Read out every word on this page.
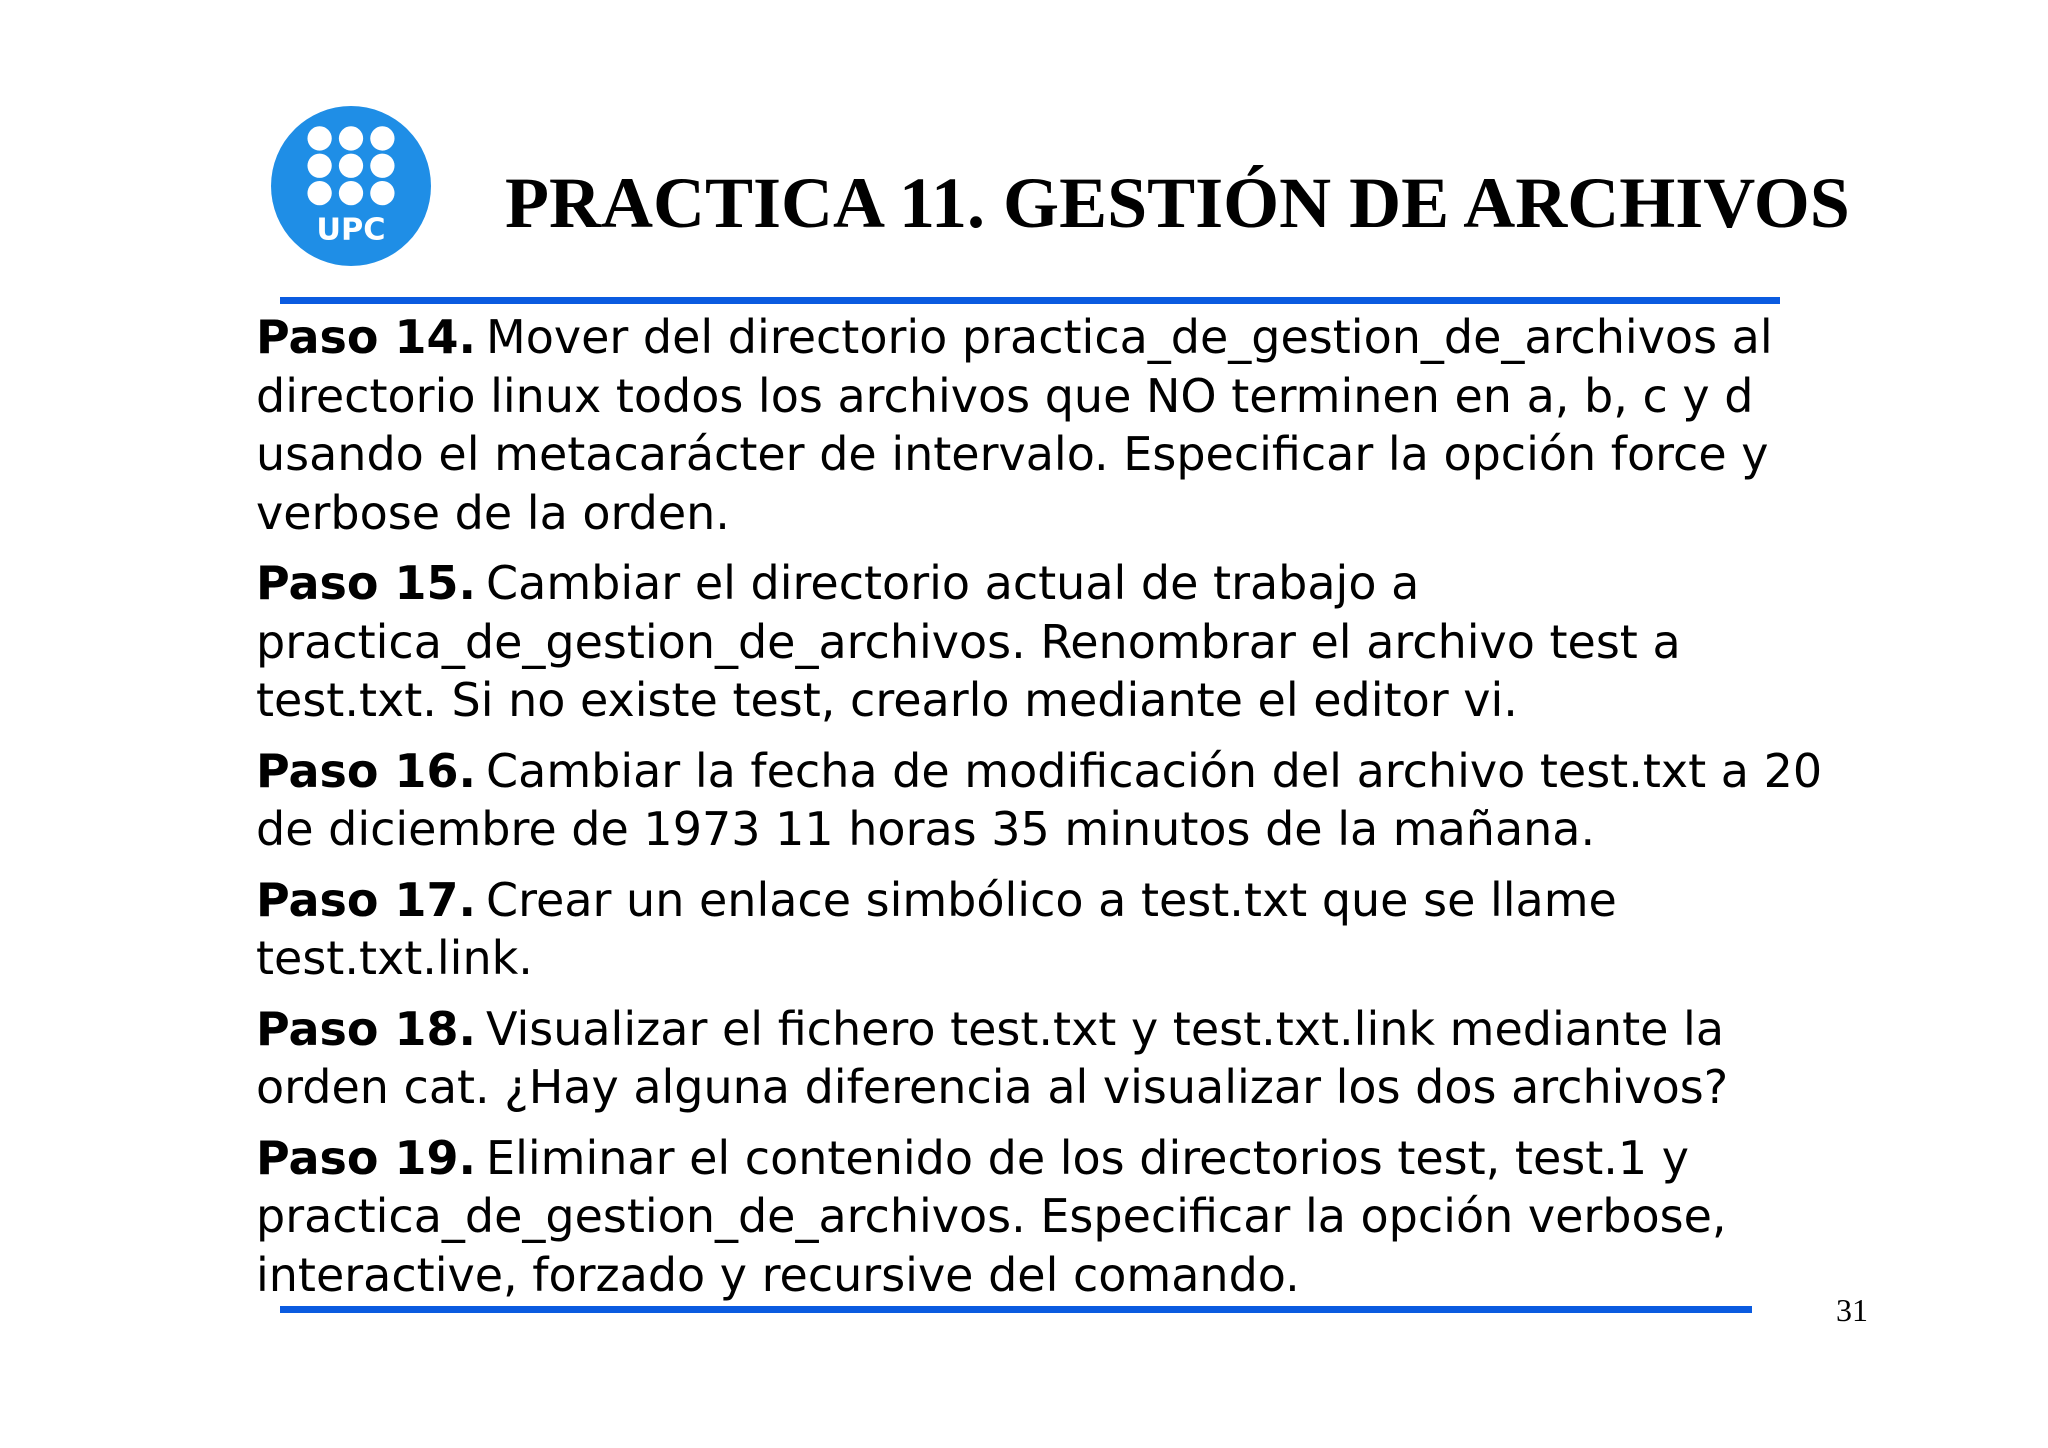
UPC PRACTICA 11. GESTIÓN DE ARCHIVOS
Paso 14. Mover del directorio practica_de_gestion_de_archivos al directorio linux todos los archivos que NO terminen en a, b, c y d usando el metacarácter de intervalo. Especificar la opción force y verbose de la orden.
Paso 15. Cambiar el directorio actual de trabajo a practica_de_gestion_de_archivos. Renombrar el archivo test a test.txt. Si no existe test, crearlo mediante el editor vi.
Paso 16. Cambiar la fecha de modificación del archivo test.txt a 20 de diciembre de 1973 11 horas 35 minutos de la mañana.
Paso 17. Crear un enlace simbólico a test.txt que se llame test.txt.link.
Paso 18. Visualizar el fichero test.txt y test.txt.link mediante la orden cat. ¿Hay alguna diferencia al visualizar los dos archivos?
Paso 19. Eliminar el contenido de los directorios test, test.1 y practica_de_gestion_de_archivos. Especificar la opción verbose, interactive, forzado y recursive del comando.
31
